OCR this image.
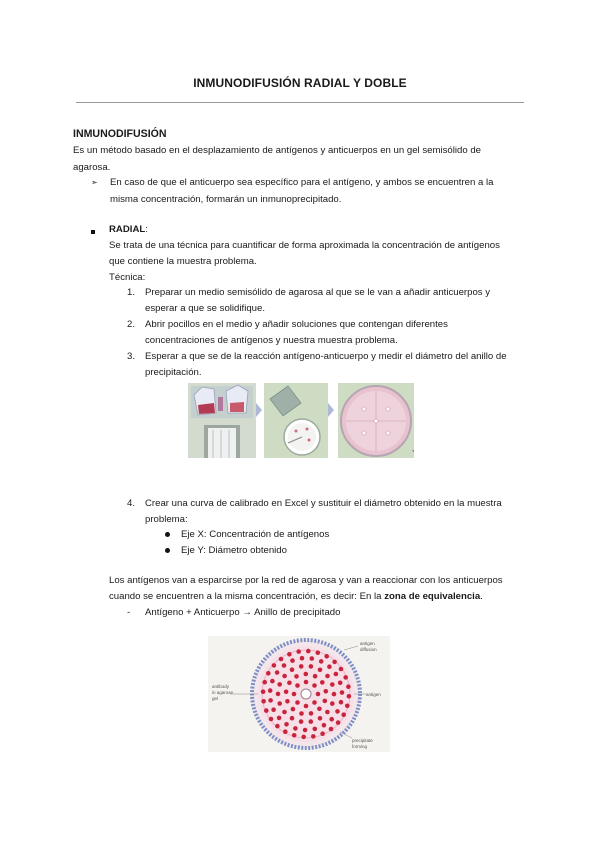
INMUNODIFUSIÓN RADIAL Y DOBLE
INMUNODIFUSIÓN
Es un método basado en el desplazamiento de antígenos y anticuerpos en un gel semisólido de
agarosa.
➣ En caso de que el anticuerpo sea específico para el antígeno, y ambos se encuentren a la
misma concentración, formarán un inmunoprecipitado.
RADIAL:
Se trata de una técnica para cuantificar de forma aproximada la concentración de antígenos
que contiene la muestra problema.
Técnica:
1. Preparar un medio semisólido de agarosa al que se le van a añadir anticuerpos y
esperar a que se solidifique.
2. Abrir pocillos en el medio y añadir soluciones que contengan diferentes
concentraciones de antígenos y nuestra muestra problema.
3. Esperar a que se de la reacción antígeno-anticuerpo y medir el diámetro del anillo de
precipitación.
,
4. Crear una curva de calibrado en Excel y sustituir el diámetro obtenido en la muestra
problema:
Eje X: Concentración de antígenos
Eje Y: Diámetro obtenido
Los antígenos van a esparcirse por la red de agarosa y van a reaccionar con los anticuerpos
cuando se encuentren a la misma concentración, es decir: En la zona de equivalencia.
- Antígeno + Anticuerpo → Anillo de precipitado
antigen
diffusion
antibody
in agarose
gel
antigen
precipitate
forming
